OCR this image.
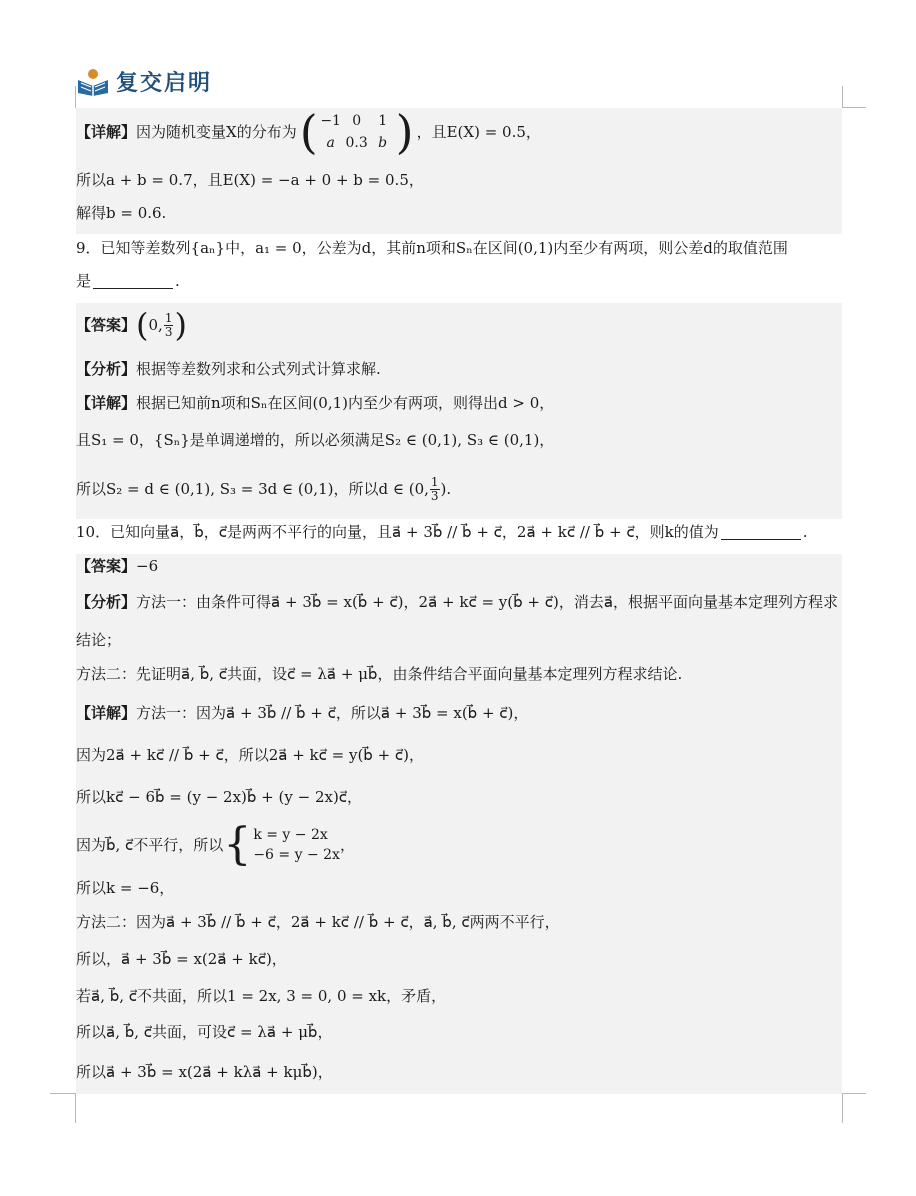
复交启明
【详解】 因为随机变量X的分布为 ( −1 0	1
a 0.3 b ) ，且E(X) = 0.5，
所以a + b = 0.7，且E(X) = −a + 0 + b = 0.5，
解得b = 0.6.
9．已知等差数列{aₙ}中，a₁ = 0，公差为d，其前n项和Sₙ在区间(0,1)内至少有两项，则公差d的取值范围
是	.
【答案】 ( 0, $\frac{1}{3}$ )
【分析】 根据等差数列求和公式列式计算求解.
【详解】 根据已知前n项和Sₙ在区间(0,1)内至少有两项，则得出d > 0，
且S₁ = 0，{Sₙ}是单调递增的，所以必须满足S₂ ∈ (0,1), S₃ ∈ (0,1)，
所以S₂ = d ∈ (0,1), S₃ = 3d ∈ (0,1)，所以d ∈ (0, $\frac{1}{3}$ ).
10．已知向量a⃗，b⃗，c⃗是两两不平行的向量，且a⃗ + 3b⃗ // b⃗ + c⃗，2a⃗ + kc⃗ // b⃗ + c⃗，则k的值为	.
【答案】 −6
【分析】 方法一：由条件可得a⃗ + 3b⃗ = x(b⃗ + c⃗)，2a⃗ + kc⃗ = y(b⃗ + c⃗)，消去a⃗，根据平面向量基本定理列方程求
结论；
方法二：先证明a⃗, b⃗, c⃗共面，设c⃗ = λa⃗ + μb⃗，由条件结合平面向量基本定理列方程求结论.
【详解】 方法一：因为a⃗ + 3b⃗ // b⃗ + c⃗，所以a⃗ + 3b⃗ = x(b⃗ + c⃗)，
因为2a⃗ + kc⃗ // b⃗ + c⃗，所以2a⃗ + kc⃗ = y(b⃗ + c⃗)，
所以kc⃗ − 6b⃗ = (y − 2x)b⃗ + (y − 2x)c⃗，
因为b⃗, c⃗不平行，所以 { k = y − 2x
−6 = y − 2x
，
所以k = −6，
方法二：因为a⃗ + 3b⃗ // b⃗ + c⃗，2a⃗ + kc⃗ // b⃗ + c⃗，a⃗, b⃗, c⃗两两不平行，
所以，a⃗ + 3b⃗ = x(2a⃗ + kc⃗)，
若a⃗, b⃗, c⃗不共面，所以1 = 2x, 3 = 0, 0 = xk，矛盾，
所以a⃗, b⃗, c⃗共面，可设c⃗ = λa⃗ + μb⃗，
所以a⃗ + 3b⃗ = x(2a⃗ + kλa⃗ + kμb⃗)，
